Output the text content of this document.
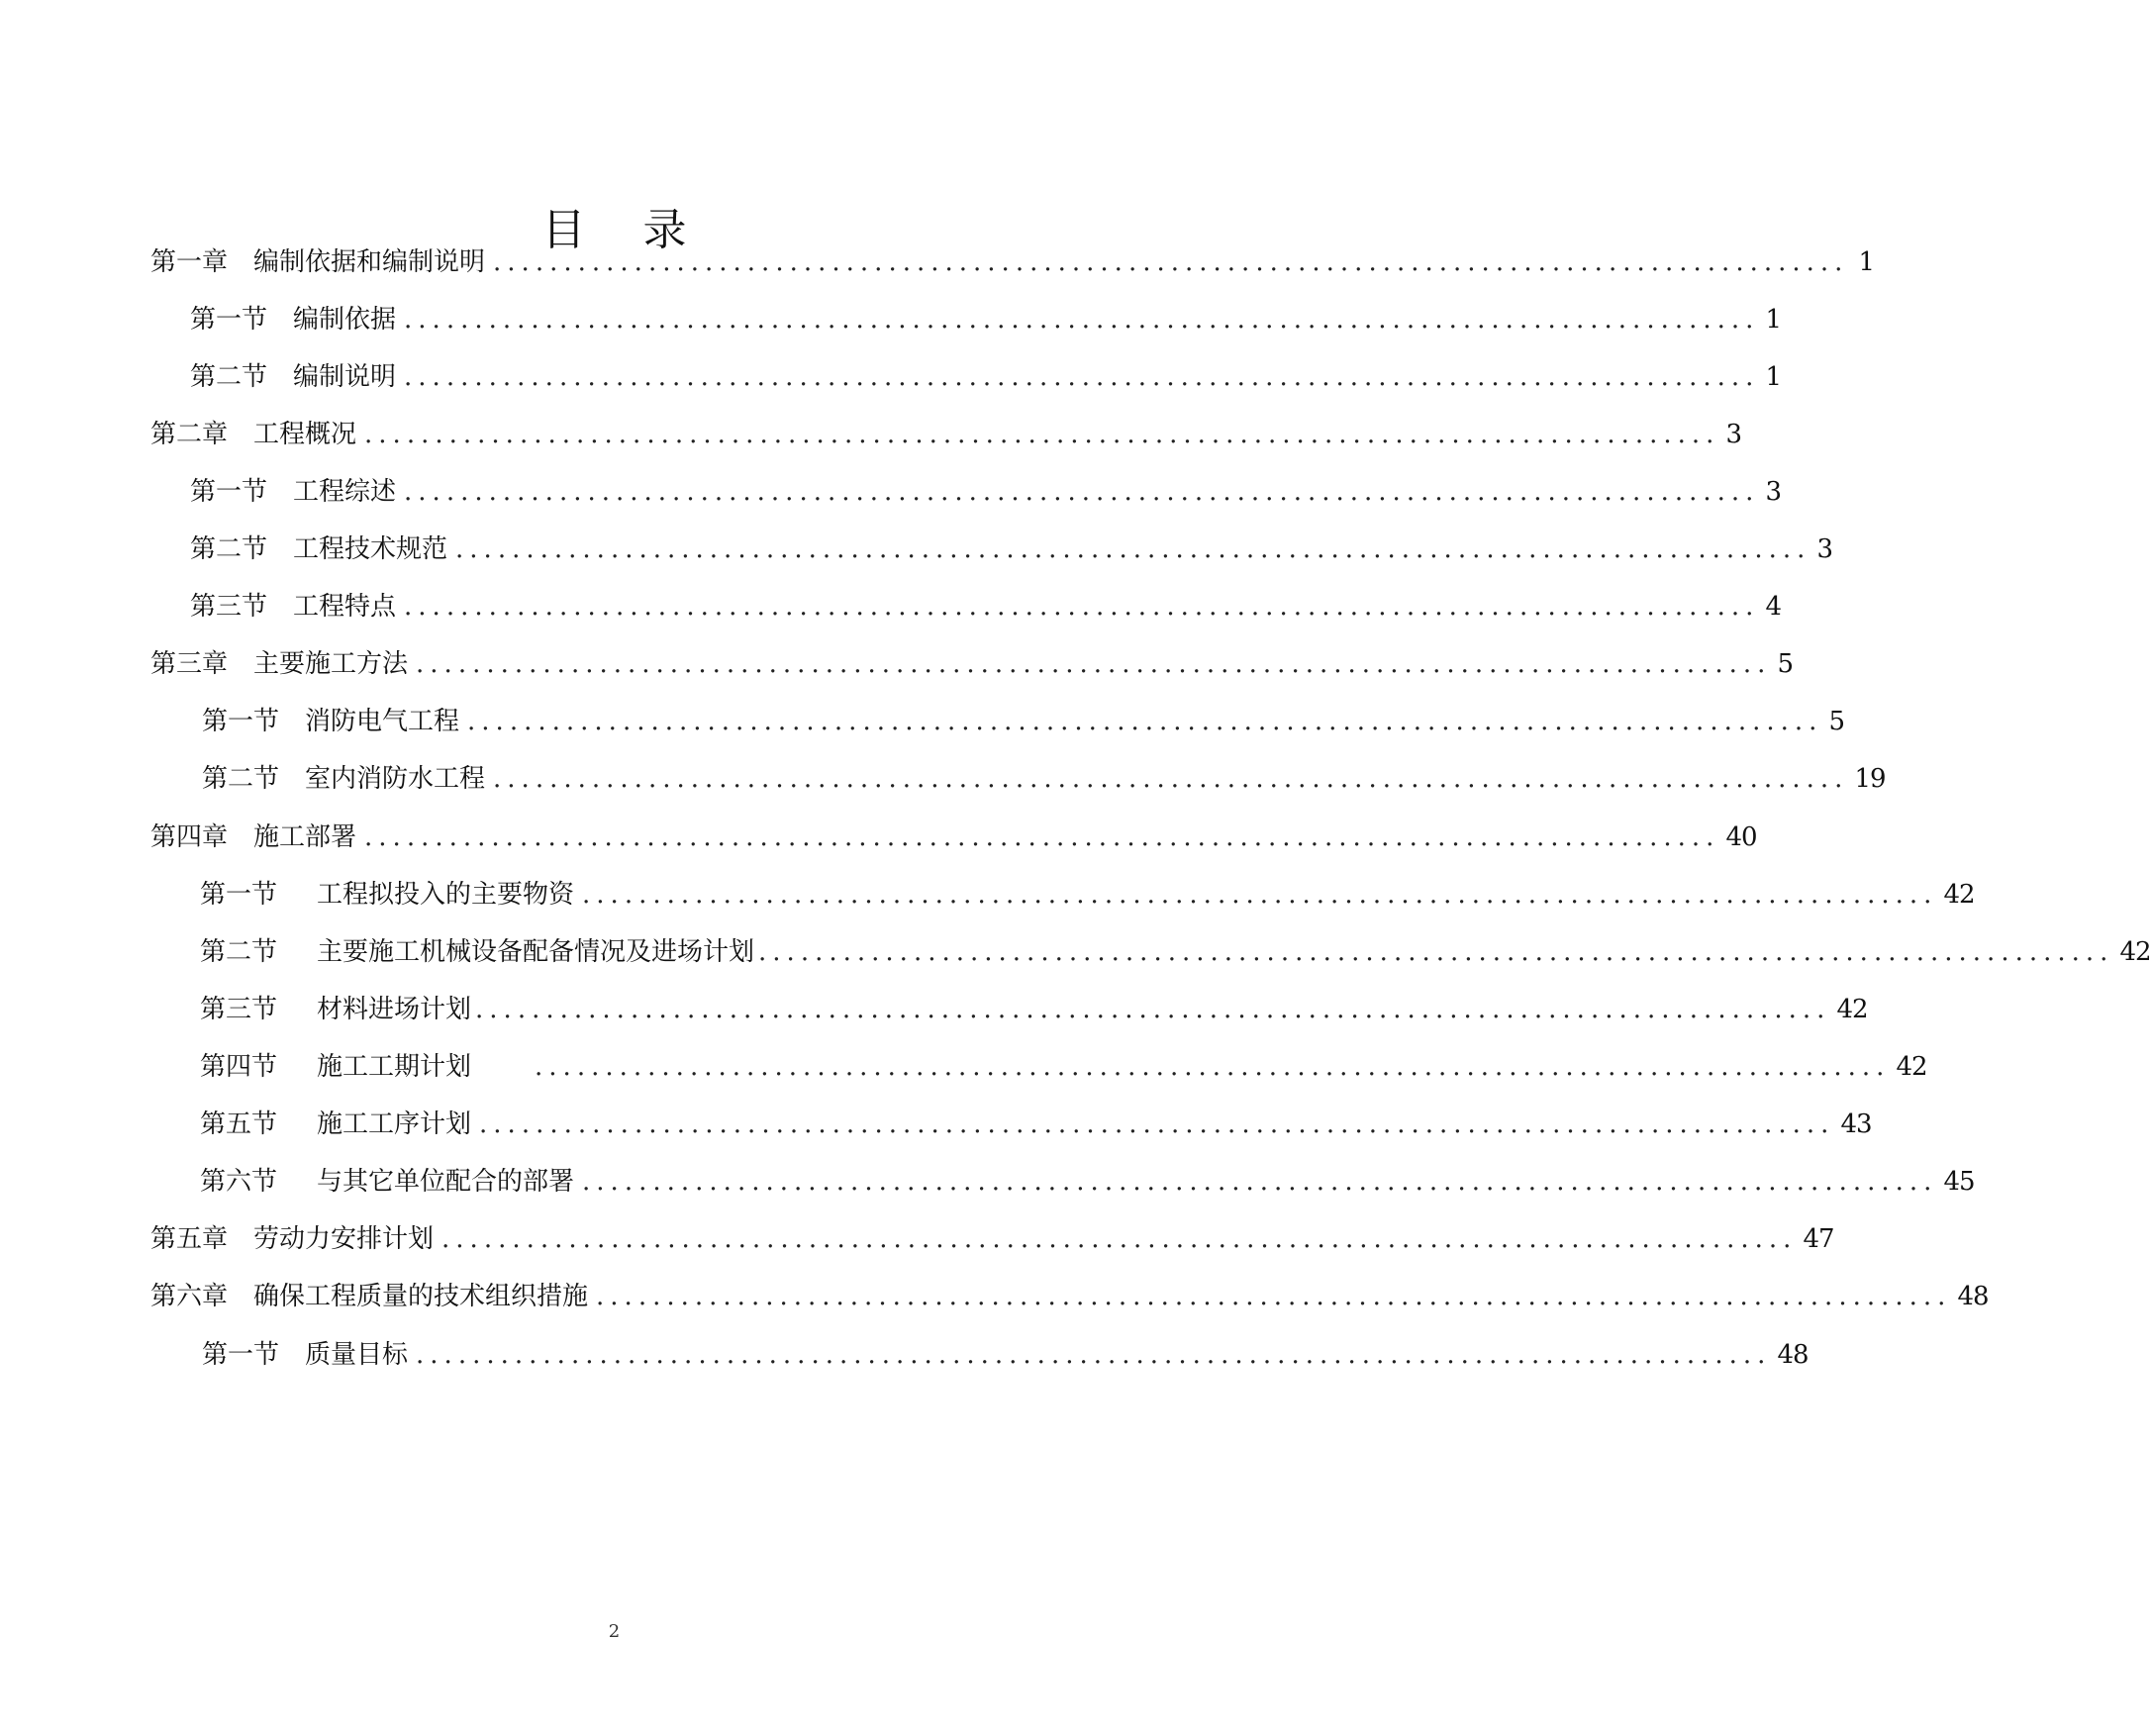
目 录
第一章 编制依据和编制说明 ................................................................................................ 1
第一节 编制依据 ................................................................................................ 1
第二节 编制说明 ................................................................................................ 1
第二章 工程概况 ................................................................................................ 3
第一节 工程综述 ................................................................................................ 3
第二节 工程技术规范 ................................................................................................ 3
第三节 工程特点 ................................................................................................ 4
第三章 主要施工方法 ................................................................................................ 5
第一节 消防电气工程 ................................................................................................ 5
第二节 室内消防水工程 ................................................................................................ 19
第四章 施工部署 ................................................................................................ 40
第一节 工程拟投入的主要物资 ................................................................................................ 42
第二节 主要施工机械设备配备情况及进场计划 ................................................................................................ 42
第三节 材料进场计划 ................................................................................................ 42
第四节 施工工期计划 ................................................................................................ 42
第五节 施工工序计划 ................................................................................................ 43
第六节 与其它单位配合的部署 ................................................................................................ 45
第五章 劳动力安排计划 ................................................................................................ 47
第六章 确保工程质量的技术组织措施 ................................................................................................ 48
第一节 质量目标 ................................................................................................ 48
2
